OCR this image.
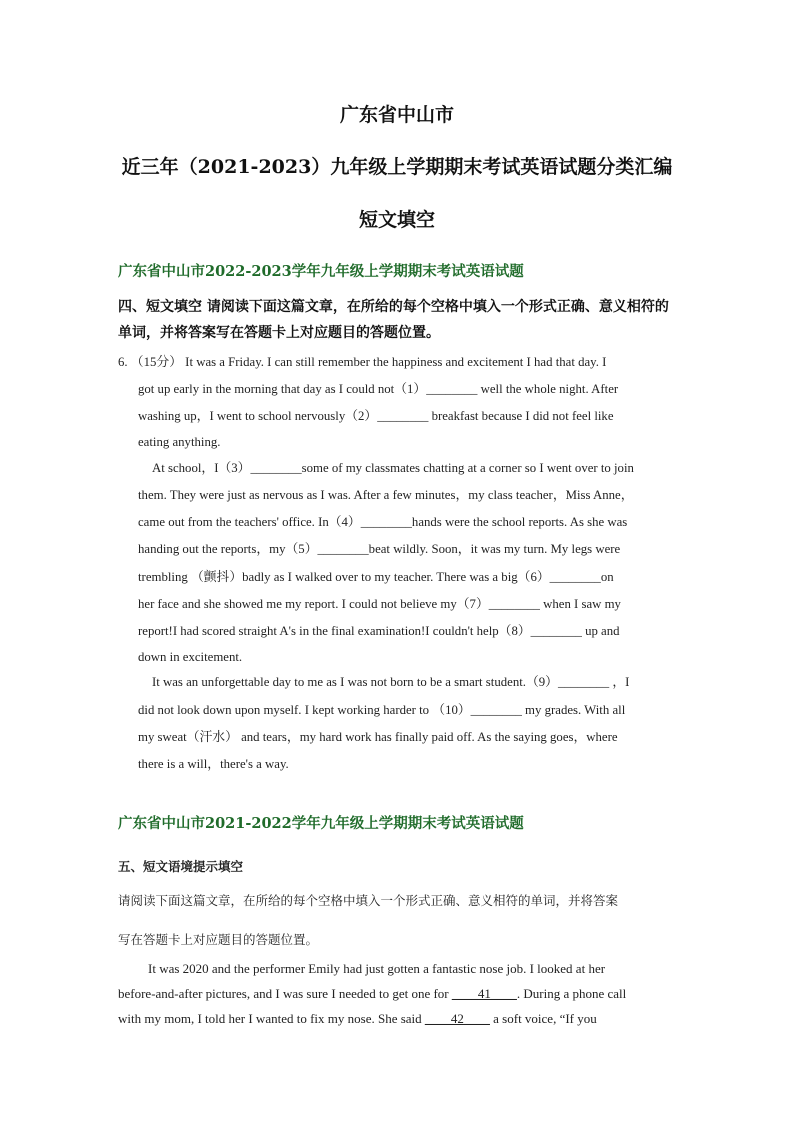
广东省中山市
近三年（2021-2023）九年级上学期期末考试英语试题分类汇编
短文填空
广东省中山市2022-2023学年九年级上学期期末考试英语试题
四、短文填空 请阅读下面这篇文章，在所给的每个空格中填入一个形式正确、意义相符的
单词，并将答案写在答题卡上对应题目的答题位置。
6. （15分） It was a Friday. I can still remember the happiness and excitement I had that day. I
got up early in the morning that day as I could not（1）________ well the whole night. After
washing up，I went to school nervously（2）________ breakfast because I did not feel like
eating anything.
At school，I（3）________some of my classmates chatting at a corner so I went over to join
them. They were just as nervous as I was. After a few minutes，my class teacher，Miss Anne，
came out from the teachers' office. In（4）________hands were the school reports. As she was
handing out the reports，my（5）________beat wildly. Soon，it was my turn. My legs were
trembling （颤抖）badly as I walked over to my teacher. There was a big（6）________on
her face and she showed me my report. I could not believe my（7）________ when I saw my
report!I had scored straight A's in the final examination!I couldn't help（8）________ up and
down in excitement.
It was an unforgettable day to me as I was not born to be a smart student.（9）________ ，I
did not look down upon myself. I kept working harder to （10）________ my grades. With all
my sweat（汗水） and tears，my hard work has finally paid off. As the saying goes，where
there is a will，there's a way.
广东省中山市2021-2022学年九年级上学期期末考试英语试题
五、短文语境提示填空
请阅读下面这篇文章，在所给的每个空格中填入一个形式正确、意义相符的单词，并将答案
写在答题卡上对应题目的答题位置。
It was 2020 and the performer Emily had just gotten a fantastic nose job. I looked at her
before-and-after pictures, and I was sure I needed to get one for ____41____. During a phone call
with my mom, I told her I wanted to fix my nose. She said ____42____ a soft voice, “If you
